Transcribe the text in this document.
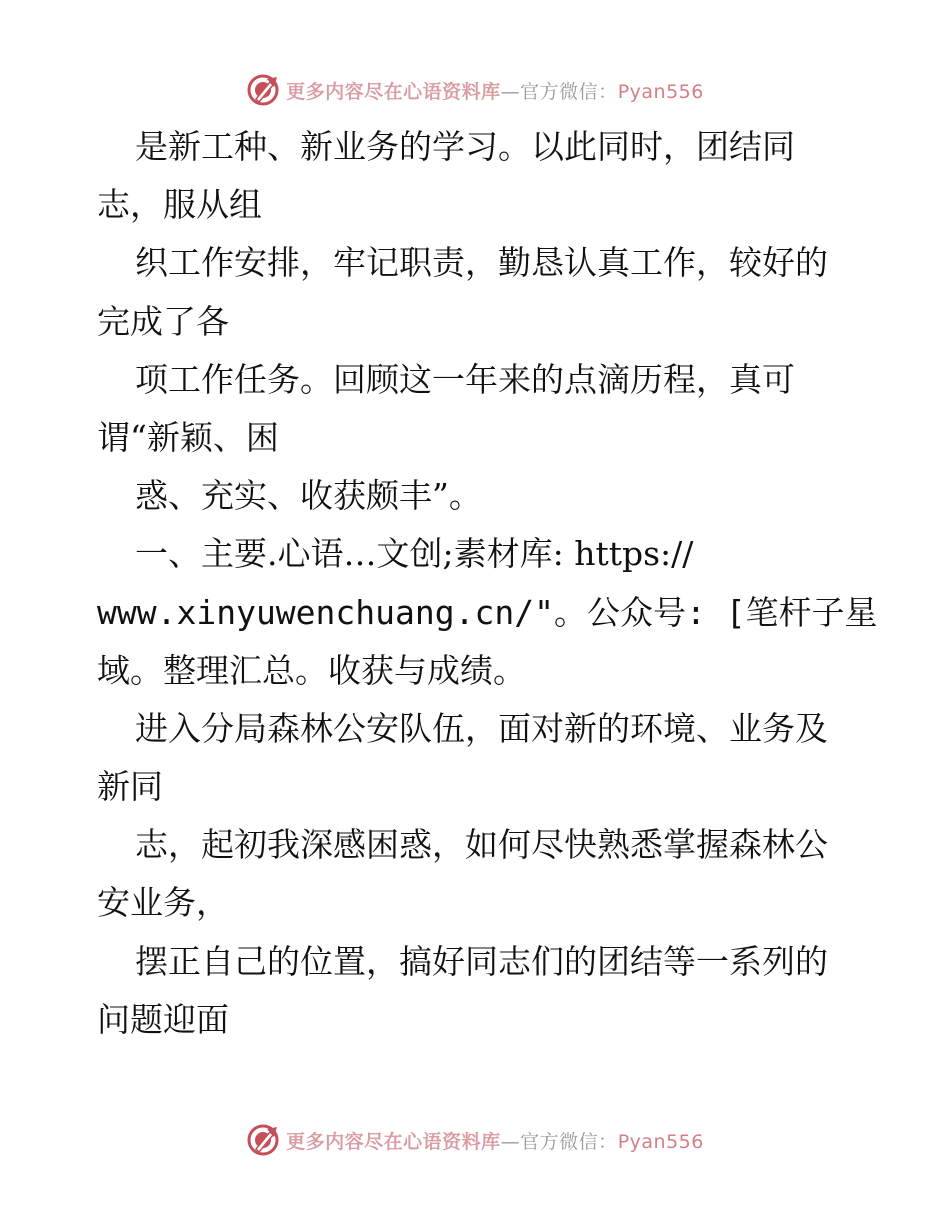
更多内容尽在心语资料库—官方微信：Pyan556
是新工种、新业务的学习。以此同时，团结同
志，服从组
织工作安排，牢记职责，勤恳认真工作，较好的
完成了各
项工作任务。回顾这一年来的点滴历程，真可
谓“新颖、困
惑、充实、收获颇丰”。
一、主要.心语…文创;素材库: https://
www.xinyuwenchuang.cn/"。公众号: [笔杆子星
域。整理汇总。收获与成绩。
进入分局森林公安队伍，面对新的环境、业务及
新同
志，起初我深感困惑，如何尽快熟悉掌握森林公
安业务，
摆正自己的位置，搞好同志们的团结等一系列的
问题迎面
更多内容尽在心语资料库—官方微信：Pyan556
